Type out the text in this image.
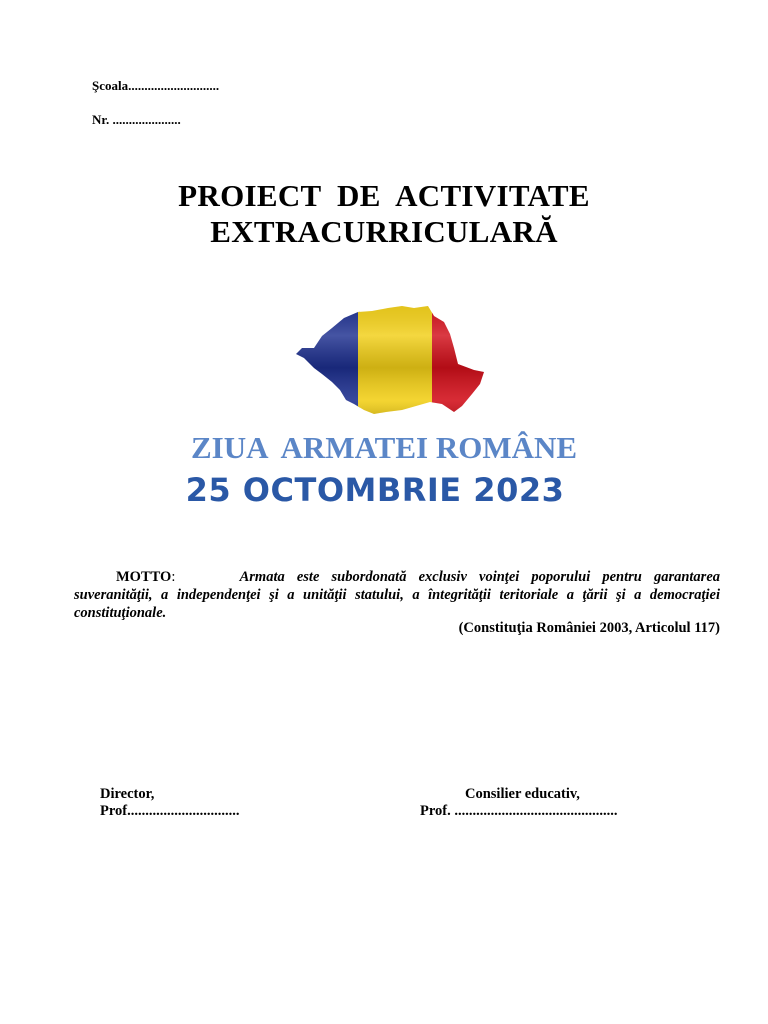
Şcoala............................
Nr. .....................
PROIECT  DE  ACTIVITATE
EXTRACURRICULARĂ
ZIUA  ARMATEI ROMÂNE
25 OCTOMBRIE 2023
MOTTO:	Armata este subordonată exclusiv voinţei poporului pentru garantarea suveranităţii, a independenţei şi a unităţii statului, a întegrităţii teritoriale a ţării şi a democraţiei constituţionale.
(Constituţia României 2003, Articolul 117)
Director,
Prof...............................
Consilier educativ,
Prof. .............................................
